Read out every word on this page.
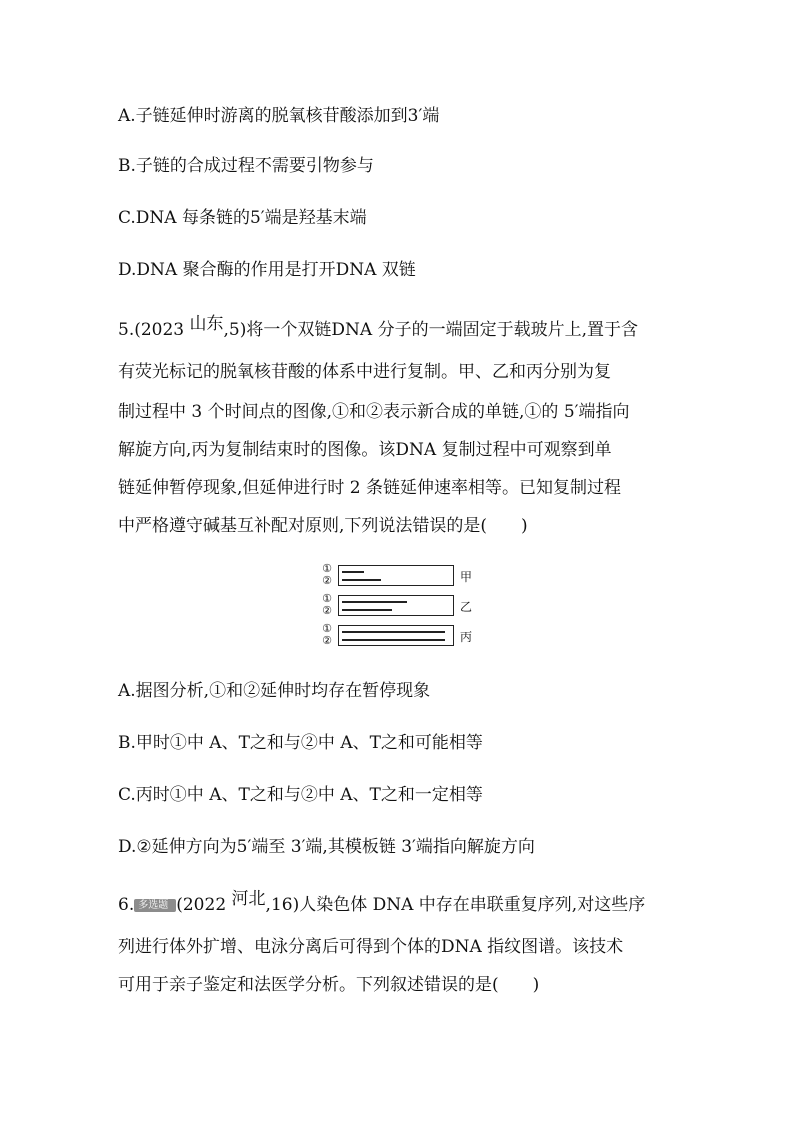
A.子链延伸时游离的脱氧核苷酸添加到3′端
B.子链的合成过程不需要引物参与
C.DNA 每条链的5′端是羟基末端
D.DNA 聚合酶的作用是打开DNA 双链
5.(2023 山东,5)将一个双链DNA 分子的一端固定于载玻片上,置于含
有荧光标记的脱氧核苷酸的体系中进行复制。甲、乙和丙分别为复
制过程中 3 个时间点的图像,①和②表示新合成的单链,①的 5′端指向
解旋方向,丙为复制结束时的图像。该DNA 复制过程中可观察到单
链延伸暂停现象,但延伸进行时 2 条链延伸速率相等。已知复制过程
中严格遵守碱基互补配对原则,下列说法错误的是(　　)
①
②	甲
①
②	乙
①
②	丙
A.据图分析,①和②延伸时均存在暂停现象
B.甲时①中 A、T之和与②中 A、T之和可能相等
C.丙时①中 A、T之和与②中 A、T之和一定相等
D.②延伸方向为5′端至 3′端,其模板链 3′端指向解旋方向
6. 多选题 (2022 河北,16)人染色体 DNA 中存在串联重复序列,对这些序
列进行体外扩增、电泳分离后可得到个体的DNA 指纹图谱。该技术
可用于亲子鉴定和法医学分析。下列叙述错误的是(　　)
